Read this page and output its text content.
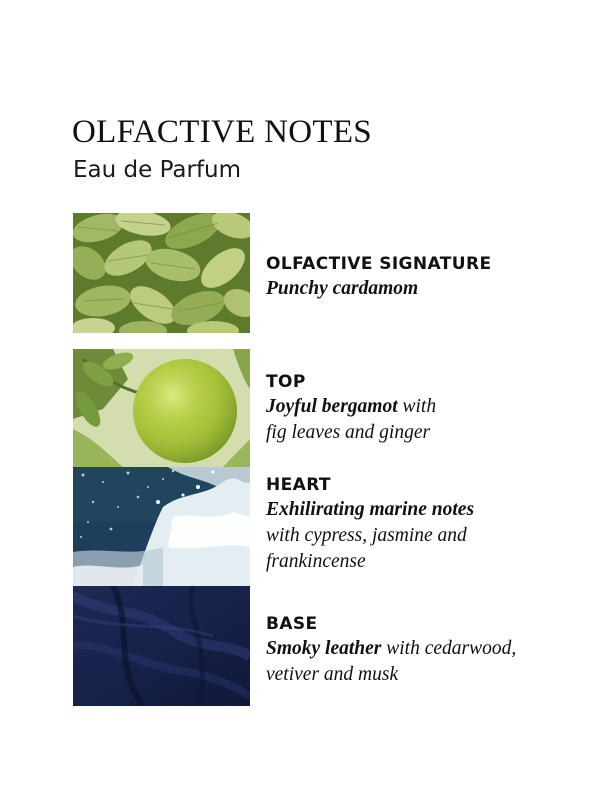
OLFACTIVE NOTES
Eau de Parfum
OLFACTIVE SIGNATURE
Punchy cardamom
TOP
Joyful bergamot with
fig leaves and ginger
HEART
Exhilirating marine notes
with cypress, jasmine and
frankincense
BASE
Smoky leather with cedarwood,
vetiver and musk
